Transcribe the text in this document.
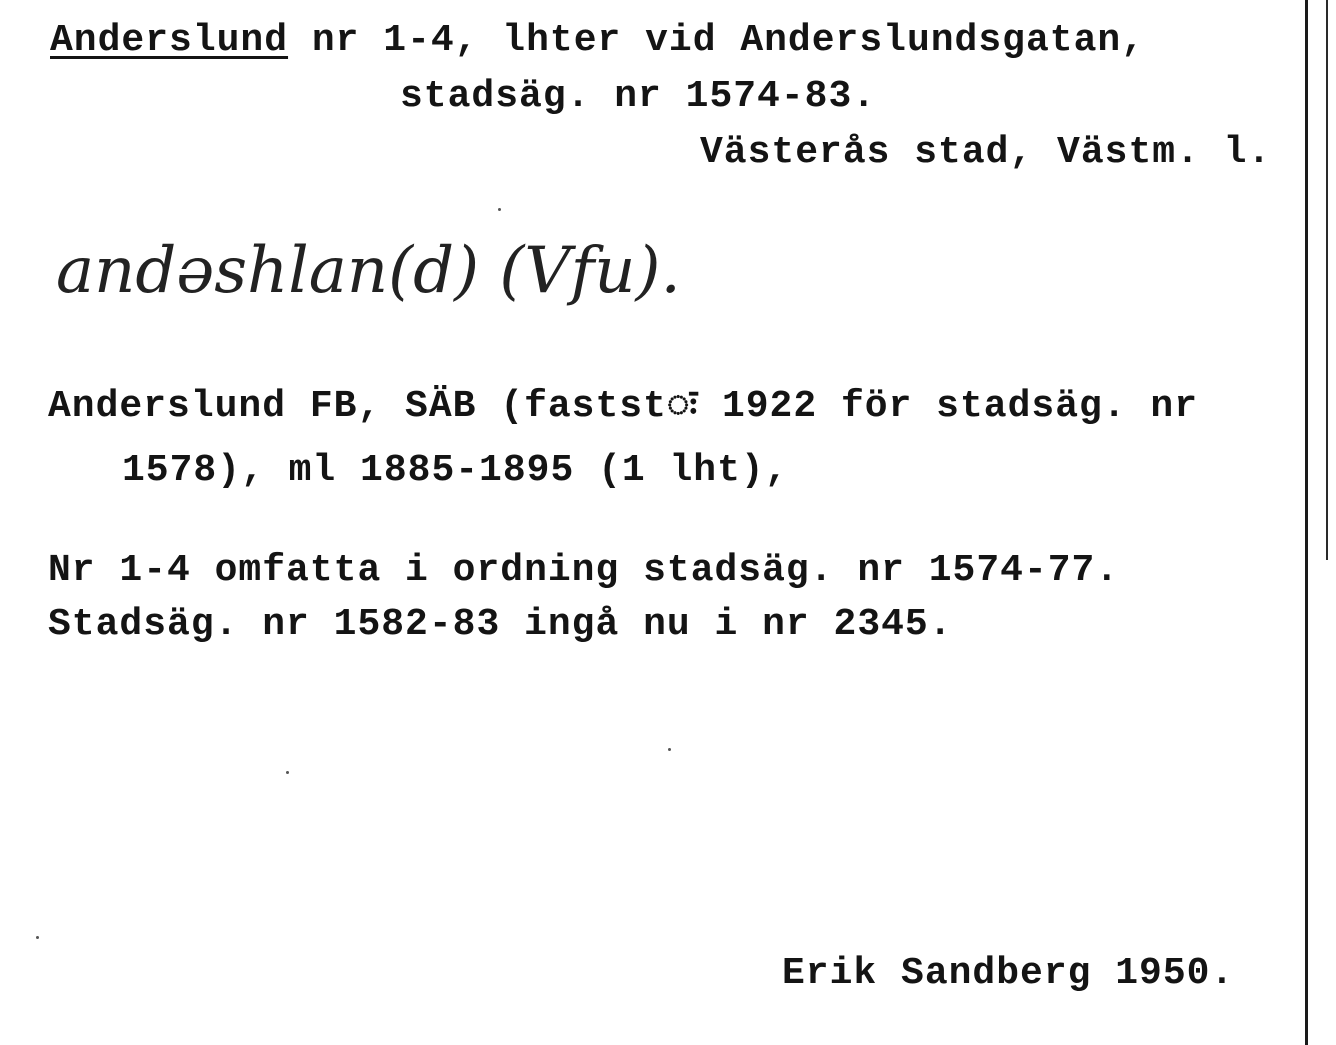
Anderslund nr 1-4, lhter vid Anderslundsgatan,
stadsäg. nr 1574-83.
Västerås stad, Västm. l.
andəshlan(d) (Vfu).
Anderslund FB, SÄB (faststः 1922 för stadsäg. nr
1578), ml 1885-1895 (1 lht),
Nr 1-4 omfatta i ordning stadsäg. nr 1574-77.
Stadsäg. nr 1582-83 ingå nu i nr 2345.
Erik Sandberg 1950.
